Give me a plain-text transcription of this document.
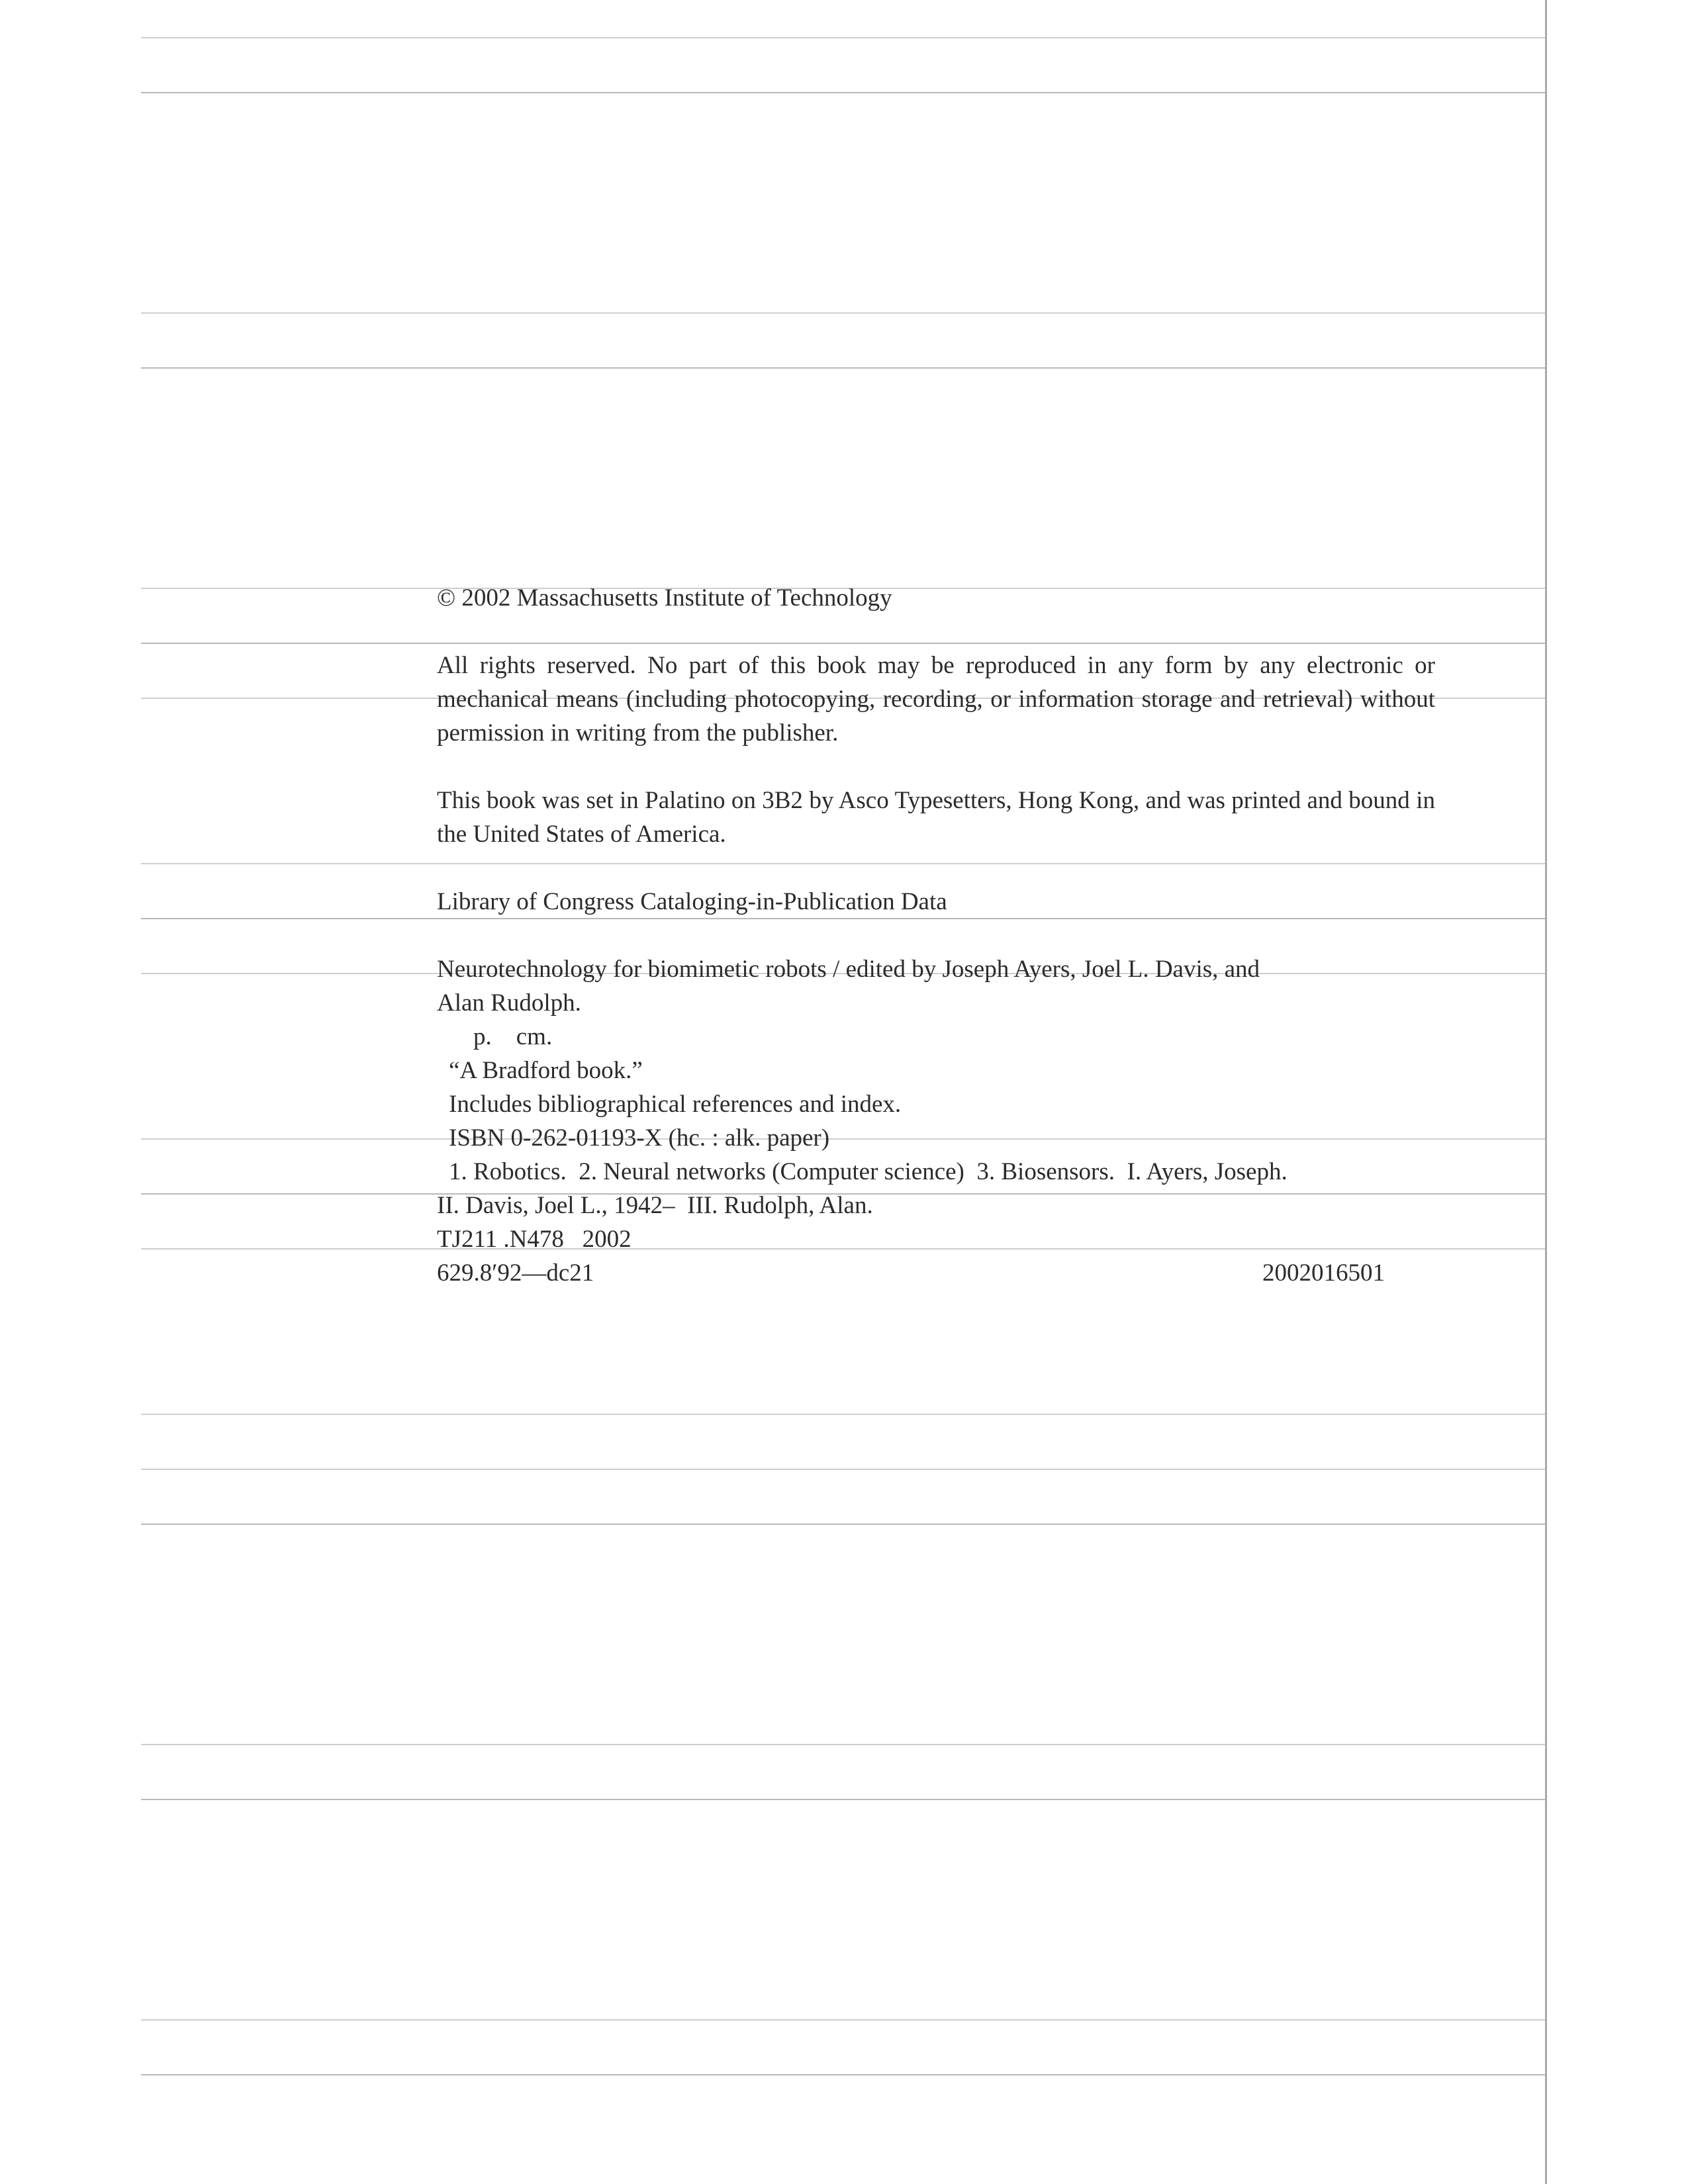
© 2002 Massachusetts Institute of Technology

All rights reserved. No part of this book may be reproduced in any form by any electronic or mechanical means (including photocopying, recording, or information storage and retrieval) without permission in writing from the publisher.

This book was set in Palatino on 3B2 by Asco Typesetters, Hong Kong, and was printed and bound in the United States of America.

Library of Congress Cataloging-in-Publication Data

Neurotechnology for biomimetic robots / edited by Joseph Ayers, Joel L. Davis, and
Alan Rudolph.
p.    cm.
“A Bradford book.”
Includes bibliographical references and index.
ISBN 0-262-01193-X (hc. : alk. paper)
1. Robotics.  2. Neural networks (Computer science)  3. Biosensors.  I. Ayers, Joseph.
II. Davis, Joel L., 1942–  III. Rudolph, Alan.
TJ211 .N478   2002
629.8′92—dc21	2002016501
